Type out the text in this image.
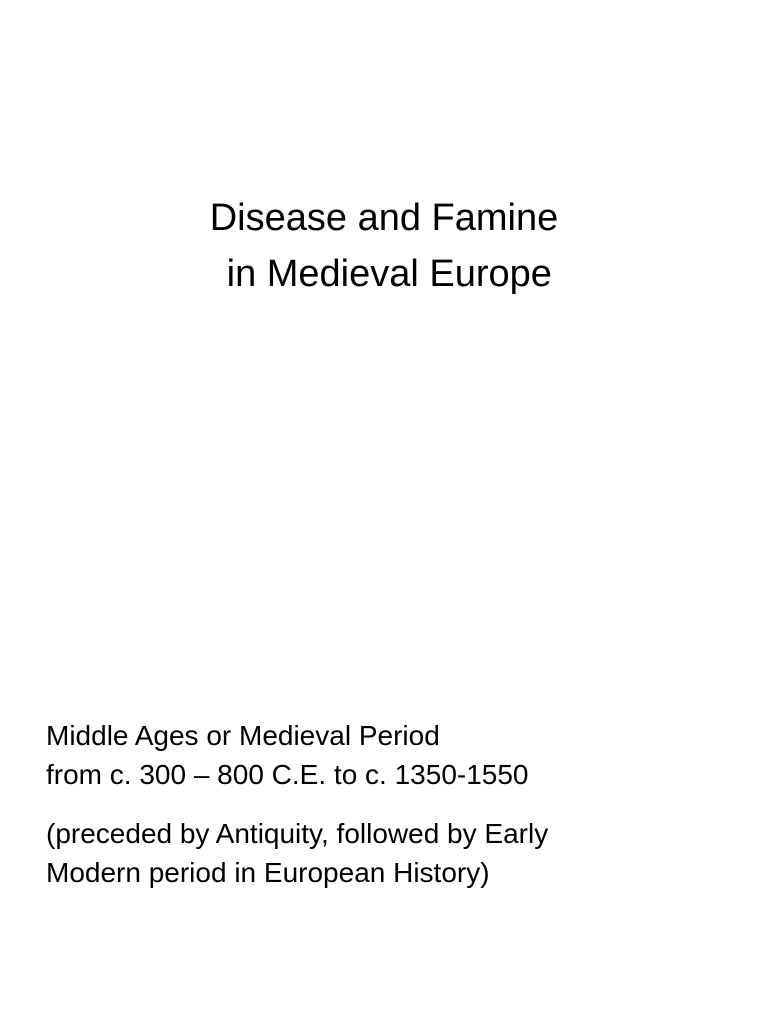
Disease and Famine
in Medieval Europe
Middle Ages or Medieval Period
from c. 300 – 800 C.E. to c. 1350-1550
(preceded by Antiquity, followed by Early
Modern period in European History)
